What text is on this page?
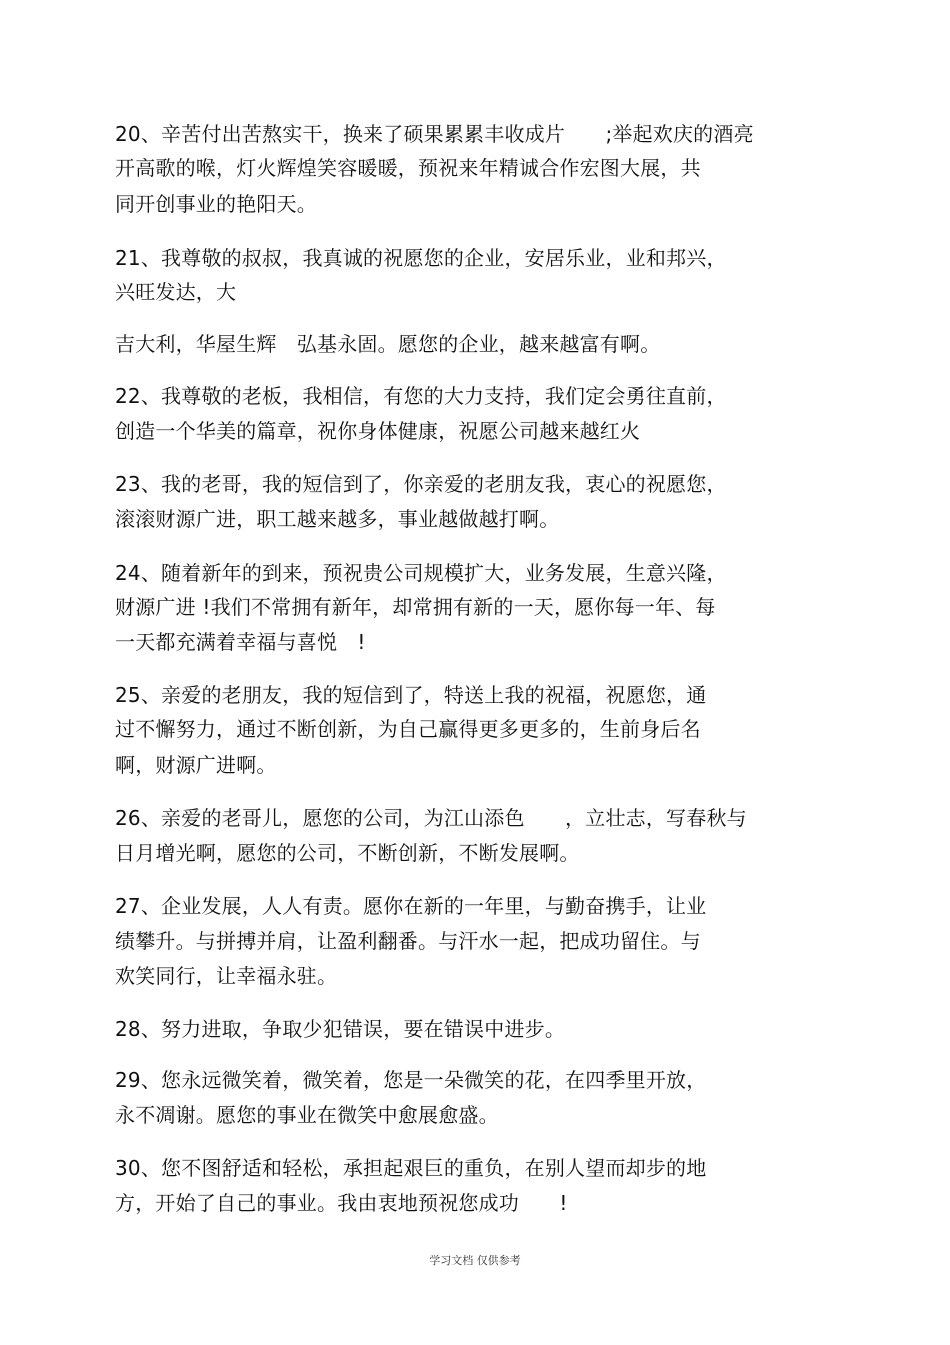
20、辛苦付出苦熬实干，换来了硕果累累丰收成片　　;举起欢庆的酒亮
开高歌的喉，灯火辉煌笑容暖暖，预祝来年精诚合作宏图大展，共
同开创事业的艳阳天。
21、我尊敬的叔叔，我真诚的祝愿您的企业，安居乐业，业和邦兴，
兴旺发达，大
吉大利，华屋生辉　弘基永固。愿您的企业，越来越富有啊。
22、我尊敬的老板，我相信，有您的大力支持，我们定会勇往直前，
创造一个华美的篇章，祝你身体健康，祝愿公司越来越红火
23、我的老哥，我的短信到了，你亲爱的老朋友我，衷心的祝愿您，
滚滚财源广进，职工越来越多，事业越做越打啊。
24、随着新年的到来，预祝贵公司规模扩大，业务发展，生意兴隆，
财源广进 !我们不常拥有新年，却常拥有新的一天，愿你每一年、每
一天都充满着幸福与喜悦　!
25、亲爱的老朋友，我的短信到了，特送上我的祝福，祝愿您，通
过不懈努力，通过不断创新，为自己赢得更多更多的，生前身后名
啊，财源广进啊。
26、亲爱的老哥儿，愿您的公司，为江山添色　　，立壮志，写春秋与
日月增光啊，愿您的公司，不断创新，不断发展啊。
27、企业发展，人人有责。愿你在新的一年里，与勤奋携手，让业
绩攀升。与拼搏并肩，让盈利翻番。与汗水一起，把成功留住。与
欢笑同行，让幸福永驻。
28、努力进取，争取少犯错误，要在错误中进步。
29、您永远微笑着，微笑着，您是一朵微笑的花，在四季里开放，
永不凋谢。愿您的事业在微笑中愈展愈盛。
30、您不图舒适和轻松，承担起艰巨的重负，在别人望而却步的地
方，开始了自己的事业。我由衷地预祝您成功　　!
学习文档 仅供参考
